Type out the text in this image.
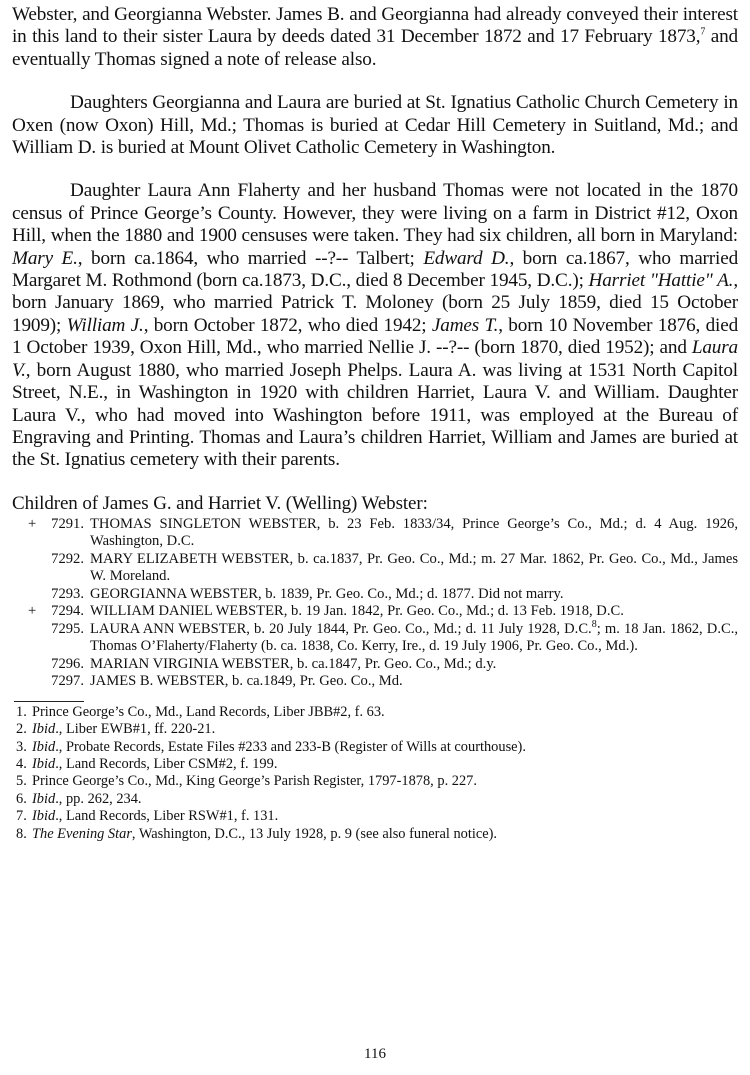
Webster, and Georgianna Webster. James B. and Georgianna had already conveyed their interest in this land to their sister Laura by deeds dated 31 December 1872 and 17 February 1873,$^7$ and eventually Thomas signed a note of release also.

Daughters Georgianna and Laura are buried at St. Ignatius Catholic Church Cemetery in Oxen (now Oxon) Hill, Md.; Thomas is buried at Cedar Hill Cemetery in Suitland, Md.; and William D. is buried at Mount Olivet Catholic Cemetery in Washington.

Daughter Laura Ann Flaherty and her husband Thomas were not located in the 1870 census of Prince George’s County. However, they were living on a farm in District #12, Oxon Hill, when the 1880 and 1900 censuses were taken. They had six children, all born in Maryland: Mary E., born ca.1864, who married --?-- Talbert; Edward D., born ca.1867, who married Margaret M. Rothmond (born ca.1873, D.C., died 8 December 1945, D.C.); Harriet "Hattie" A., born January 1869, who married Patrick T. Moloney (born 25 July 1859, died 15 October 1909); William J., born October 1872, who died 1942; James T., born 10 November 1876, died 1 October 1939, Oxon Hill, Md., who married Nellie J. --?-- (born 1870, died 1952); and Laura V., born August 1880, who married Joseph Phelps. Laura A. was living at 1531 North Capitol Street, N.E., in Washington in 1920 with children Harriet, Laura V. and William. Daughter Laura V., who had moved into Washington before 1911, was employed at the Bureau of Engraving and Printing. Thomas and Laura’s children Harriet, William and James are buried at the St. Ignatius cemetery with their parents.

Children of James G. and Harriet V. (Welling) Webster:
+	7291. THOMAS SINGLETON WEBSTER, b. 23 Feb. 1833/34, Prince George’s Co., Md.; d. 4 Aug. 1926, Washington, D.C.
7292. MARY ELIZABETH WEBSTER, b. ca.1837, Pr. Geo. Co., Md.; m. 27 Mar. 1862, Pr. Geo. Co., Md., James W. Moreland.
7293. GEORGIANNA WEBSTER, b. 1839, Pr. Geo. Co., Md.; d. 1877. Did not marry.
+	7294. WILLIAM DANIEL WEBSTER, b. 19 Jan. 1842, Pr. Geo. Co., Md.; d. 13 Feb. 1918, D.C.
7295. LAURA ANN WEBSTER, b. 20 July 1844, Pr. Geo. Co., Md.; d. 11 July 1928, D.C.$^8$; m. 18 Jan. 1862, D.C., Thomas O’Flaherty/Flaherty (b. ca. 1838, Co. Kerry, Ire., d. 19 July 1906, Pr. Geo. Co., Md.).
7296. MARIAN VIRGINIA WEBSTER, b. ca.1847, Pr. Geo. Co., Md.; d.y.
7297. JAMES B. WEBSTER, b. ca.1849, Pr. Geo. Co., Md.
1. Prince George’s Co., Md., Land Records, Liber JBB#2, f. 63.
2. Ibid., Liber EWB#1, ff. 220-21.
3. Ibid., Probate Records, Estate Files #233 and 233-B (Register of Wills at courthouse).
4. Ibid., Land Records, Liber CSM#2, f. 199.
5. Prince George’s Co., Md., King George’s Parish Register, 1797-1878, p. 227.
6. Ibid., pp. 262, 234.
7. Ibid., Land Records, Liber RSW#1, f. 131.
8. The Evening Star, Washington, D.C., 13 July 1928, p. 9 (see also funeral notice).
116
